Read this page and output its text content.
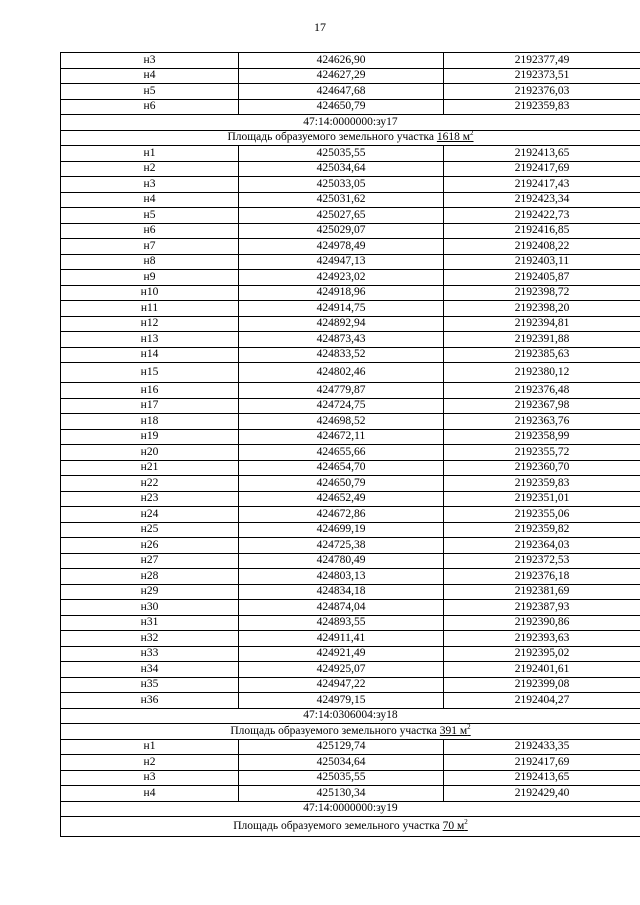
17
н3	424626,90	2192377,49
н4	424627,29	2192373,51
н5	424647,68	2192376,03
н6	424650,79	2192359,83
47:14:0000000:зу17		
Площадь образуемого земельного участка 1618 $м^2$
н1	425035,55	2192413,65
н2	425034,64	2192417,69
н3	425033,05	2192417,43
н4	425031,62	2192423,34
н5	425027,65	2192422,73
н6	425029,07	2192416,85
н7	424978,49	2192408,22
н8	424947,13	2192403,11
н9	424923,02	2192405,87
н10	424918,96	2192398,72
н11	424914,75	2192398,20
н12	424892,94	2192394,81
н13	424873,43	2192391,88
н14	424833,52	2192385,63
н15	424802,46	2192380,12
н16	424779,87	2192376,48
н17	424724,75	2192367,98
н18	424698,52	2192363,76
н19	424672,11	2192358,99
н20	424655,66	2192355,72
н21	424654,70	2192360,70
н22	424650,79	2192359,83
н23	424652,49	2192351,01
н24	424672,86	2192355,06
н25	424699,19	2192359,82
н26	424725,38	2192364,03
н27	424780,49	2192372,53
н28	424803,13	2192376,18
н29	424834,18	2192381,69
н30	424874,04	2192387,93
н31	424893,55	2192390,86
н32	424911,41	2192393,63
н33	424921,49	2192395,02
н34	424925,07	2192401,61
н35	424947,22	2192399,08
н36	424979,15	2192404,27
47:14:0306004:зу18		
Площадь образуемого земельного участка 391 $м^2$
н1	425129,74	2192433,35
н2	425034,64	2192417,69
н3	425035,55	2192413,65
н4	425130,34	2192429,40
47:14:0000000:зу19		
Площадь образуемого земельного участка 70 $м^2$
